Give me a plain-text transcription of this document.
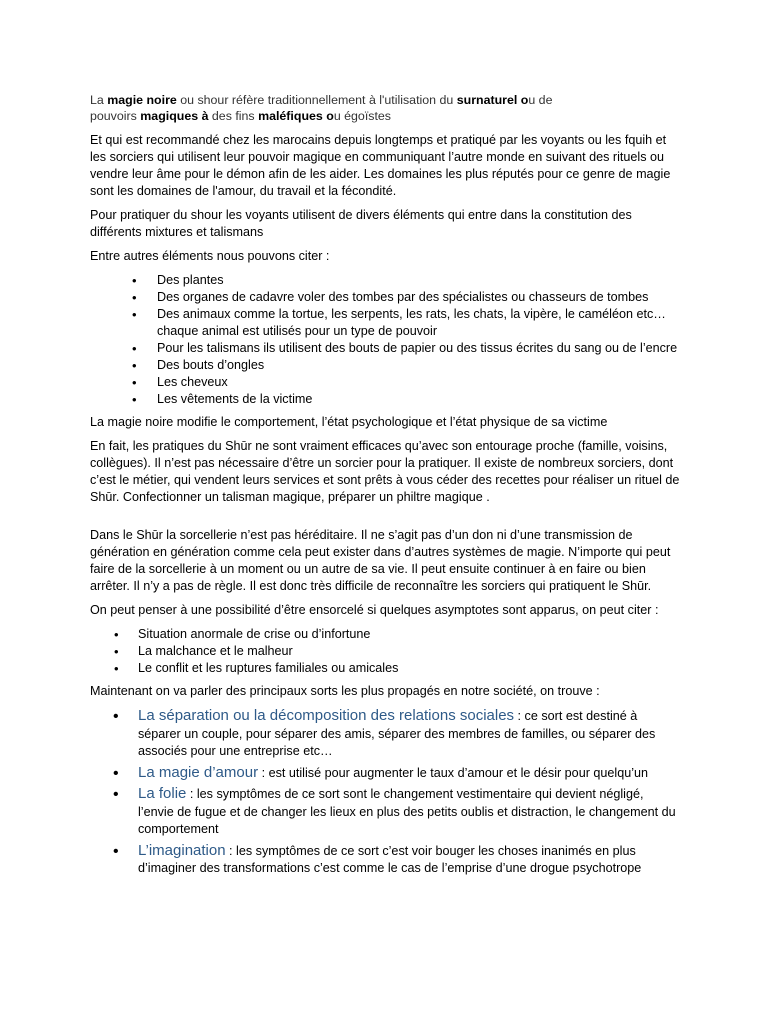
La magie noire ou shour réfère traditionnellement à l'utilisation du surnaturel ou de
pouvoirs magiques à des fins maléfiques ou égoïstes

Et qui est recommandé chez les marocains depuis longtemps et pratiqué par les voyants ou les fquih et les sorciers qui utilisent leur pouvoir magique en communiquant l’autre monde en suivant des rituels ou vendre leur âme pour le démon afin de les aider. Les domaines les plus réputés pour ce genre de magie sont les domaines de l'amour, du travail et la fécondité.

Pour pratiquer du shour les voyants utilisent de divers éléments qui entre dans la constitution des différents mixtures et talismans

Entre autres éléments nous pouvons citer :

• Des plantes
• Des organes de cadavre voler des tombes par des spécialistes ou chasseurs de tombes
• Des animaux comme la tortue, les serpents, les rats, les chats, la vipère, le caméléon etc… chaque animal est utilisés pour un type de pouvoir
• Pour les talismans ils utilisent des bouts de papier ou des tissus écrites du sang ou de l’encre
• Des bouts d’ongles
• Les cheveux
• Les vêtements de la victime

La magie noire modifie le comportement, l’état psychologique et l’état physique de sa victime

En fait, les pratiques du Shūr ne sont vraiment efficaces qu’avec son entourage proche (famille, voisins, collègues). Il n’est pas nécessaire d’être un sorcier pour la pratiquer. Il existe de nombreux sorciers, dont c’est le métier, qui vendent leurs services et sont prêts à vous céder des recettes pour réaliser un rituel de Shūr. Confectionner un talisman magique, préparer un philtre magique .

Dans le Shūr la sorcellerie n’est pas héréditaire. Il ne s’agit pas d’un don ni d’une transmission de génération en génération comme cela peut exister dans d’autres systèmes de magie. N’importe qui peut faire de la sorcellerie à un moment ou un autre de sa vie. Il peut ensuite continuer à en faire ou bien arrêter. Il n’y a pas de règle. Il est donc très difficile de reconnaître les sorciers qui pratiquent le Shūr.

On peut penser à une possibilité d’être ensorcelé si quelques asymptotes sont apparus, on peut citer :

• Situation anormale de crise ou d’infortune
• La malchance et le malheur
• Le conflit et les ruptures familiales ou amicales

Maintenant on va parler des principaux sorts les plus propagés en notre société, on trouve :

• La séparation ou la décomposition des relations sociales : ce sort est destiné à séparer un couple, pour séparer des amis, séparer des membres de familles, ou séparer des associés pour une entreprise etc…
• La magie d’amour : est utilisé pour augmenter le taux d’amour et le désir pour quelqu’un
• La folie : les symptômes de ce sort sont le changement vestimentaire qui devient négligé, l’envie de fugue et de changer les lieux en plus des petits oublis et distraction, le changement du comportement
• L’imagination : les symptômes de ce sort c’est voir bouger les choses inanimés en plus d’imaginer des transformations c’est comme le cas de l’emprise d’une drogue psychotrope
